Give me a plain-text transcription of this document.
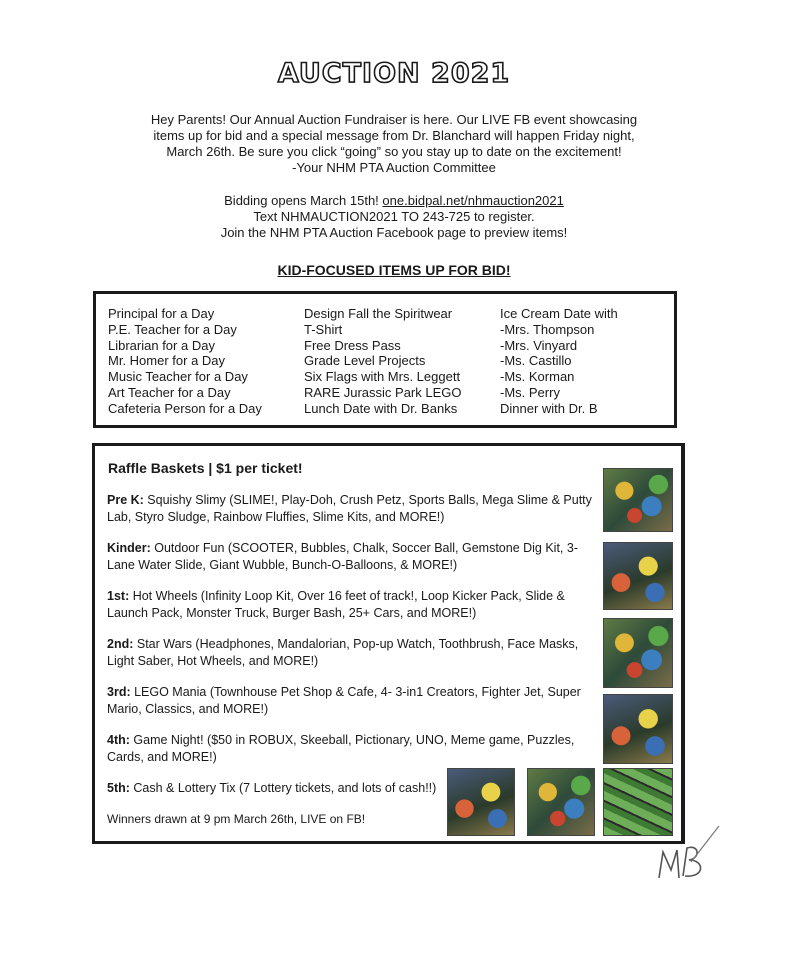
AUCTION 2021
Hey Parents! Our Annual Auction Fundraiser is here. Our LIVE FB event showcasing
items up for bid and a special message from Dr. Blanchard will happen Friday night,
March 26th. Be sure you click “going” so you stay up to date on the excitement!
-Your NHM PTA Auction Committee
Bidding opens March 15th! one.bidpal.net/nhmauction2021
Text NHMAUCTION2021 TO 243-725 to register.
Join the NHM PTA Auction Facebook page to preview items!
KID-FOCUSED ITEMS UP FOR BID!
Principal for a Day
P.E. Teacher for a Day
Librarian for a Day
Mr. Homer for a Day
Music Teacher for a Day
Art Teacher for a Day
Cafeteria Person for a Day
Design Fall the Spiritwear
T-Shirt
Free Dress Pass
Grade Level Projects
Six Flags with Mrs. Leggett
RARE Jurassic Park LEGO
Lunch Date with Dr. Banks
Ice Cream Date with
-Mrs. Thompson
-Mrs. Vinyard
-Ms. Castillo
-Ms. Korman
-Ms. Perry
Dinner with Dr. B
Raffle Baskets | $1 per ticket!
Pre K: Squishy Slimy (SLIME!, Play-Doh, Crush Petz, Sports Balls, Mega Slime & Putty Lab, Styro Sludge, Rainbow Fluffies, Slime Kits, and MORE!)
Kinder: Outdoor Fun (SCOOTER, Bubbles, Chalk, Soccer Ball, Gemstone Dig Kit, 3-Lane Water Slide, Giant Wubble, Bunch-O-Balloons, & MORE!)
1st: Hot Wheels (Infinity Loop Kit, Over 16 feet of track!, Loop Kicker Pack, Slide & Launch Pack, Monster Truck, Burger Bash, 25+ Cars, and MORE!)
2nd: Star Wars (Headphones, Mandalorian, Pop-up Watch, Toothbrush, Face Masks, Light Saber, Hot Wheels, and MORE!)
3rd: LEGO Mania (Townhouse Pet Shop & Cafe, 4- 3-in1 Creators, Fighter Jet, Super Mario, Classics, and MORE!)
4th: Game Night! ($50 in ROBUX, Skeeball, Pictionary, UNO, Meme game, Puzzles, Cards, and MORE!)
5th: Cash & Lottery Tix (7 Lottery tickets, and lots of cash!!)
Winners drawn at 9 pm March 26th, LIVE on FB!
